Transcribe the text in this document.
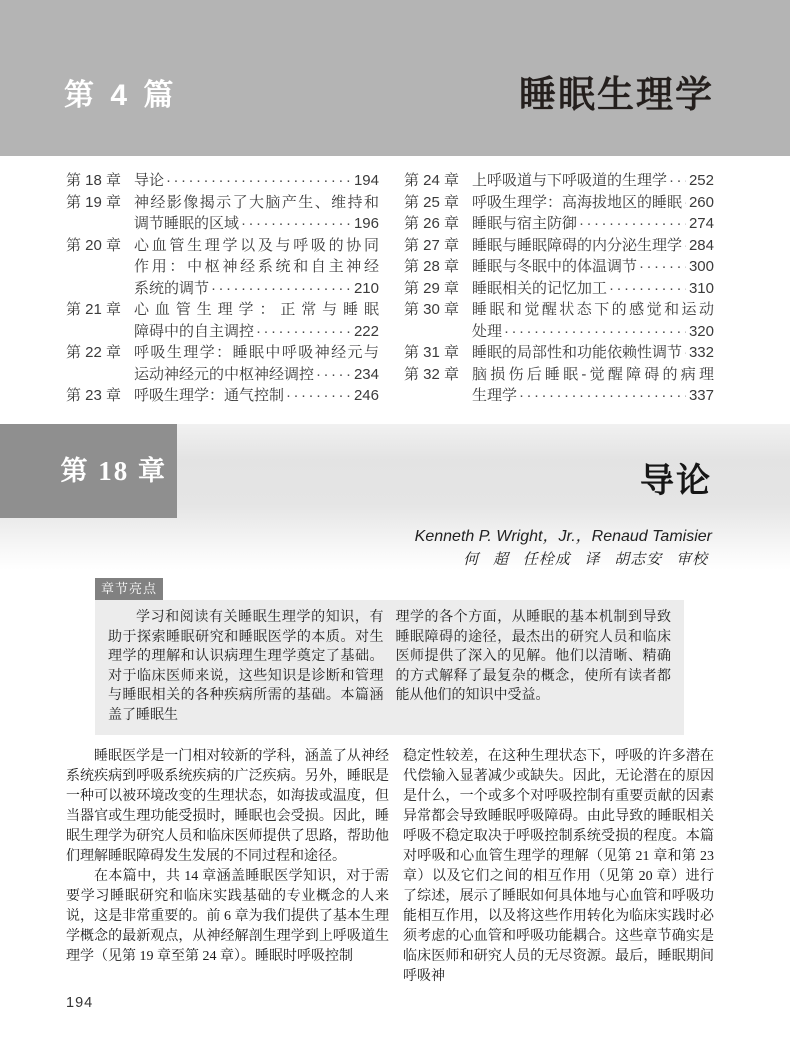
第 4 篇	睡眠生理学
第 18 章 导论 ·····	194
第 19 章 神经影像揭示了大脑产生、维持和
调节睡眠的区域 ·····	196
第 20 章 心血管生理学以及与呼吸的协同
作用：中枢神经系统和自主神经
系统的调节 ·····	210
第 21 章 心血管生理学：正常与睡眠
障碍中的自主调控 ·····	222
第 22 章 呼吸生理学：睡眠中呼吸神经元与
运动神经元的中枢神经调控 ·····	234
第 23 章 呼吸生理学：通气控制 ·····	246
第 24 章 上呼吸道与下呼吸道的生理学 ····· 252
第 25 章 呼吸生理学：高海拔地区的睡眠 ····· 260
第 26 章 睡眠与宿主防御 ·····	274
第 27 章 睡眠与睡眠障碍的内分泌生理学 ····· 284
第 28 章 睡眠与冬眠中的体温调节 ·····	300
第 29 章 睡眠相关的记忆加工 ·····	310
第 30 章 睡眠和觉醒状态下的感觉和运动
处理 ·····	320
第 31 章 睡眠的局部性和功能依赖性调节 ····· 332
第 32 章 脑损伤后睡眠-觉醒障碍的病理
生理学 ·····	337
第 18 章	导论
Kenneth P. Wright，Jr.，Renaud Tamisier
何 超 任栓成 译 胡志安 审校
章节亮点

学习和阅读有关睡眠生理学的知识，有助于探索睡眠研究和睡眠医学的本质。对生理学的理解和认识病理生理学奠定了基础。对于临床医师来说，这些知识是诊断和管理与睡眠相关的各种疾病所需的基础。本篇涵盖了睡眠生

理学的各个方面，从睡眠的基本机制到导致睡眠障碍的途径，最杰出的研究人员和临床医师提供了深入的见解。他们以清晰、精确的方式解释了最复杂的概念，使所有读者都能从他们的知识中受益。

睡眠医学是一门相对较新的学科，涵盖了从神经系统疾病到呼吸系统疾病的广泛疾病。另外，睡眠是一种可以被环境改变的生理状态，如海拔或温度，但当器官或生理功能受损时，睡眠也会受损。因此，睡眠生理学为研究人员和临床医师提供了思路，帮助他们理解睡眠障碍发生发展的不同过程和途径。

在本篇中，共 14 章涵盖睡眠医学知识，对于需要学习睡眠研究和临床实践基础的专业概念的人来说，这是非常重要的。前 6 章为我们提供了基本生理学概念的最新观点，从神经解剖生理学到上呼吸道生理学（见第 19 章至第 24 章）。睡眠时呼吸控制

稳定性较差，在这种生理状态下，呼吸的许多潜在代偿输入显著减少或缺失。因此，无论潜在的原因是什么，一个或多个对呼吸控制有重要贡献的因素异常都会导致睡眠呼吸障碍。由此导致的睡眠相关呼吸不稳定取决于呼吸控制系统受损的程度。本篇对呼吸和心血管生理学的理解（见第 21 章和第 23 章）以及它们之间的相互作用（见第 20 章）进行了综述，展示了睡眠如何具体地与心血管和呼吸功能相互作用，以及将这些作用转化为临床实践时必须考虑的心血管和呼吸功能耦合。这些章节确实是临床医师和研究人员的无尽资源。最后，睡眠期间呼吸神

194
